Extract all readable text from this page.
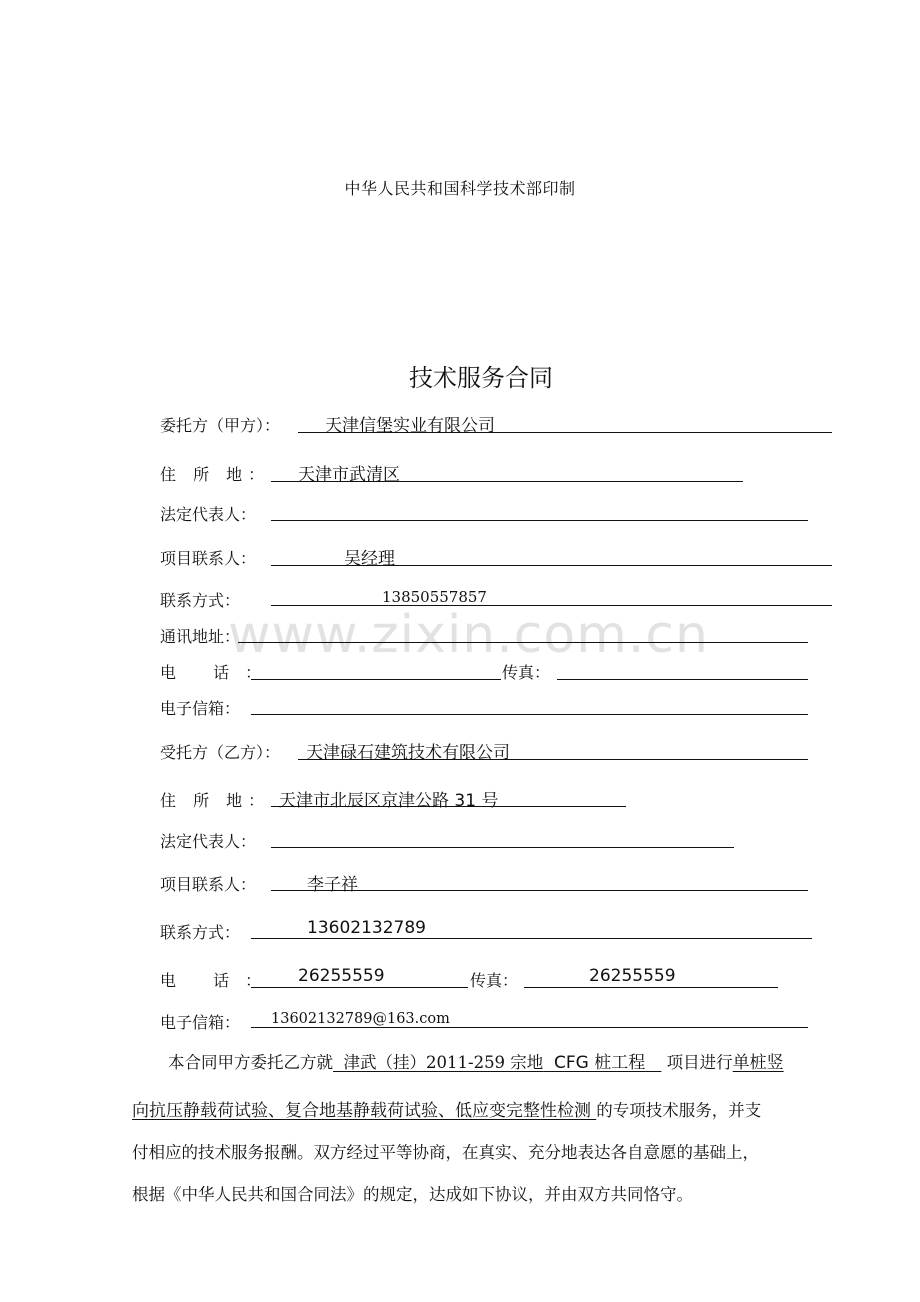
中华人民共和国科学技术部印制
技术服务合同
www.zixin.com.cn
委托方（甲方）：	天津信堡实业有限公司
住 所 地： 天津市武清区
法定代表人：
项目联系人：	吴经理
联系方式：	13850557857
通讯地址：
电 话：	传真：
电子信箱：
受托方（乙方）： 天津碌石建筑技术有限公司
住 所 地： 天津市北辰区京津公路 31 号
法定代表人：
项目联系人：	李子祥
联系方式：	13602132789
电 话： 26255559	传真：	26255559
电子信箱： 13602132789@163.com
本合同甲方委托乙方就 津武（挂）2011-259 宗地 CFG 桩工程 项目进行单桩竖
向抗压静载荷试验、复合地基静载荷试验、低应变完整性检测 的专项技术服务，并支
付相应的技术服务报酬。双方经过平等协商，在真实、充分地表达各自意愿的基础上，
根据《中华人民共和国合同法》的规定，达成如下协议，并由双方共同恪守。
